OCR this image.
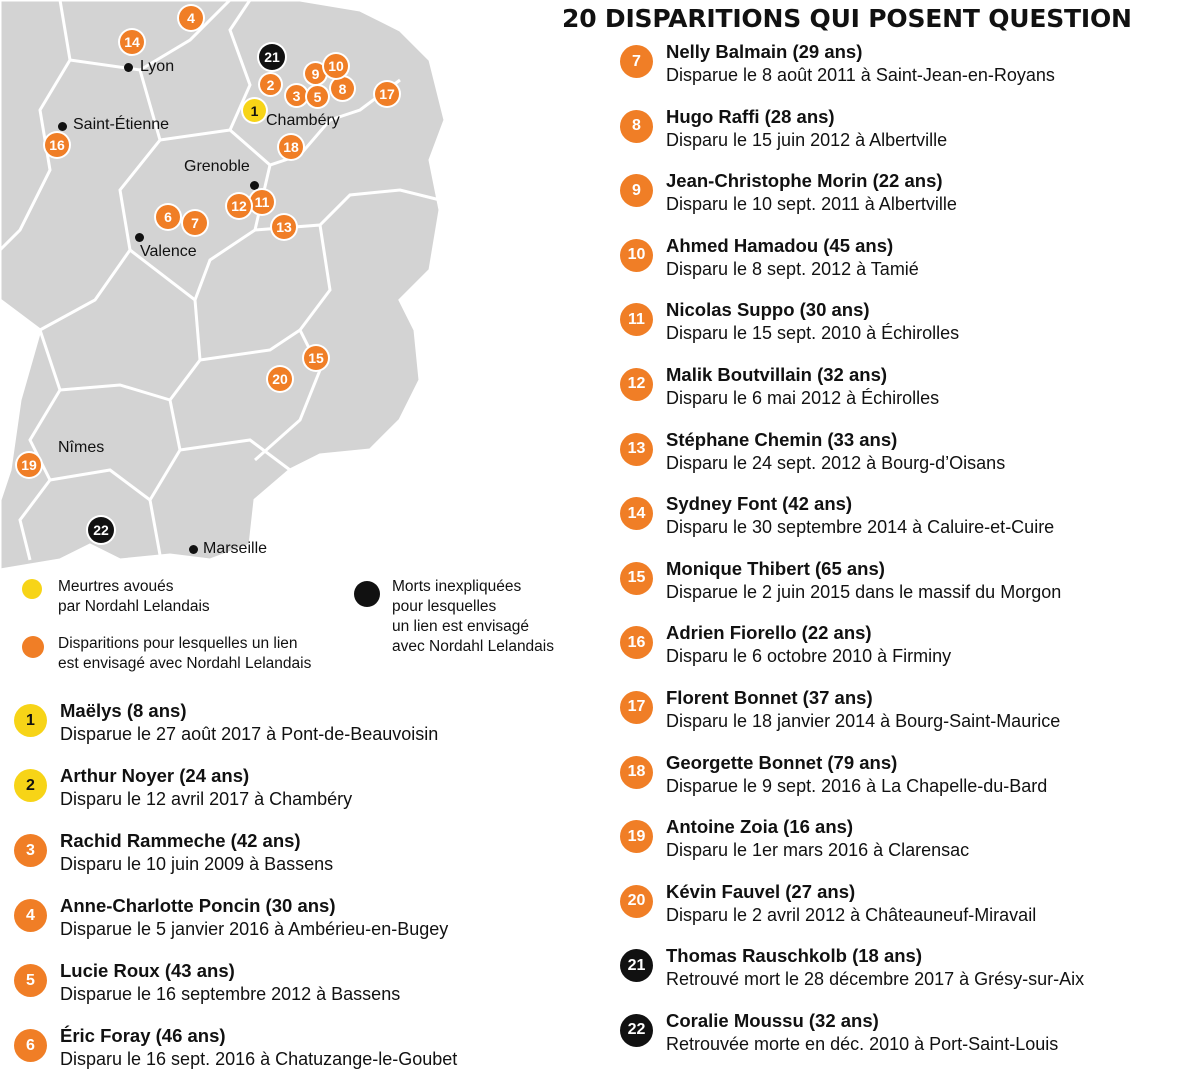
Lyon
Saint-Étienne
Grenoble
Valence
Chambéry
Nîmes
Marseille
1
2
3
4
5
6	7
8
9 10
11
12
13
14
15
16
17
18
19
20
21
22
Meurtres avoués
par Nordahl Lelandais
Disparitions pour lesquelles un lien
est envisagé avec Nordahl Lelandais
Morts inexpliquées
pour lesquelles
un lien est envisagé
avec Nordahl Lelandais
1	Maëlys (8 ans)
Disparue le 27 août 2017 à Pont-de-Beauvoisin
2	Arthur Noyer (24 ans)
Disparu le 12 avril 2017 à Chambéry
3	Rachid Rammeche (42 ans)
Disparu le 10 juin 2009 à Bassens
4	Anne-Charlotte Poncin (30 ans)
Disparue le 5 janvier 2016 à Ambérieu-en-Bugey
5	Lucie Roux (43 ans)
Disparue le 16 septembre 2012 à Bassens
6	Éric Foray (46 ans)
Disparu le 16 sept. 2016 à Chatuzange-le-Goubet
20 DISPARITIONS QUI POSENT QUESTION
7	Nelly Balmain (29 ans)
Disparue le 8 août 2011 à Saint-Jean-en-Royans
8	Hugo Raffi (28 ans)
Disparu le 15 juin 2012 à Albertville
9	Jean-Christophe Morin (22 ans)
Disparu le 10 sept. 2011 à Albertville
10	Ahmed Hamadou (45 ans)
Disparu le 8 sept. 2012 à Tamié
11	Nicolas Suppo (30 ans)
Disparu le 15 sept. 2010 à Échirolles
12	Malik Boutvillain (32 ans)
Disparu le 6 mai 2012 à Échirolles
13	Stéphane Chemin (33 ans)
Disparu le 24 sept. 2012 à Bourg-d’Oisans
14	Sydney Font (42 ans)
Disparu le 30 septembre 2014 à Caluire-et-Cuire
15	Monique Thibert (65 ans)
Disparue le 2 juin 2015 dans le massif du Morgon
16	Adrien Fiorello (22 ans)
Disparu le 6 octobre 2010 à Firminy
17	Florent Bonnet (37 ans)
Disparu le 18 janvier 2014 à Bourg-Saint-Maurice
18	Georgette Bonnet (79 ans)
Disparue le 9 sept. 2016 à La Chapelle-du-Bard
19	Antoine Zoia (16 ans)
Disparu le 1er mars 2016 à Clarensac
20	Kévin Fauvel (27 ans)
Disparu le 2 avril 2012 à Châteauneuf-Miravail
21	Thomas Rauschkolb (18 ans)
Retrouvé mort le 28 décembre 2017 à Grésy-sur-Aix
22	Coralie Moussu (32 ans)
Retrouvée morte en déc. 2010 à Port-Saint-Louis
